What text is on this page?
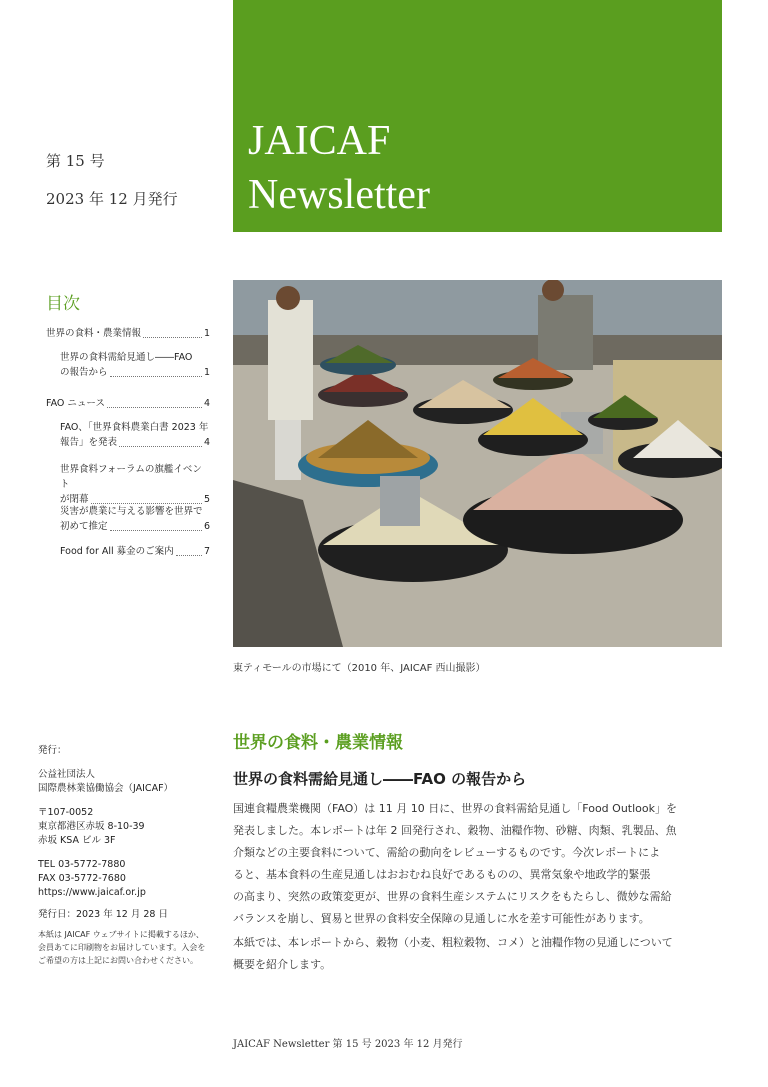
JAICAF
Newsletter
第 15 号
2023 年 12 月発行
目次
世界の食料・農業情報	1
世界の食料需給見通し――FAO
の報告から	1
FAO ニュース	4
FAO、「世界食料農業白書 2023 年
報告」を発表	4
世界食料フォーラムの旗艦イベント
が閉幕	5
災害が農業に与える影響を世界で
初めて推定	6
Food for All 募金のご案内	7
東ティモールの市場にて（2010 年、JAICAF 西山撮影）
発行：
公益社団法人
国際農林業協働協会（JAICAF）
〒107-0052
東京都港区赤坂 8-10-39
赤坂 KSA ビル 3F
TEL 03-5772-7880
FAX 03-5772-7680
https://www.jaicaf.or.jp
発行日：2023 年 12 月 28 日
本紙は JAICAF ウェブサイトに掲載するほか、
会員あてに印刷物をお届けしています。入会を
ご希望の方は上記にお問い合わせください。
世界の食料・農業情報
世界の食料需給見通し――FAO の報告から
国連食糧農業機関（FAO）は 11 月 10 日に、世界の食料需給見通し「Food Outlook」を
発表しました。本レポートは年 2 回発行され、穀物、油糧作物、砂糖、肉類、乳製品、魚
介類などの主要食料について、需給の動向をレビューするものです。今次レポートによ
ると、基本食料の生産見通しはおおむね良好であるものの、異常気象や地政学的緊張
の高まり、突然の政策変更が、世界の食料生産システムにリスクをもたらし、微妙な需給
バランスを崩し、貿易と世界の食料安全保障の見通しに水を差す可能性があります。
本紙では、本レポートから、穀物（小麦、粗粒穀物、コメ）と油糧作物の見通しについて
概要を紹介します。
JAICAF Newsletter 第 15 号 2023 年 12 月発行
